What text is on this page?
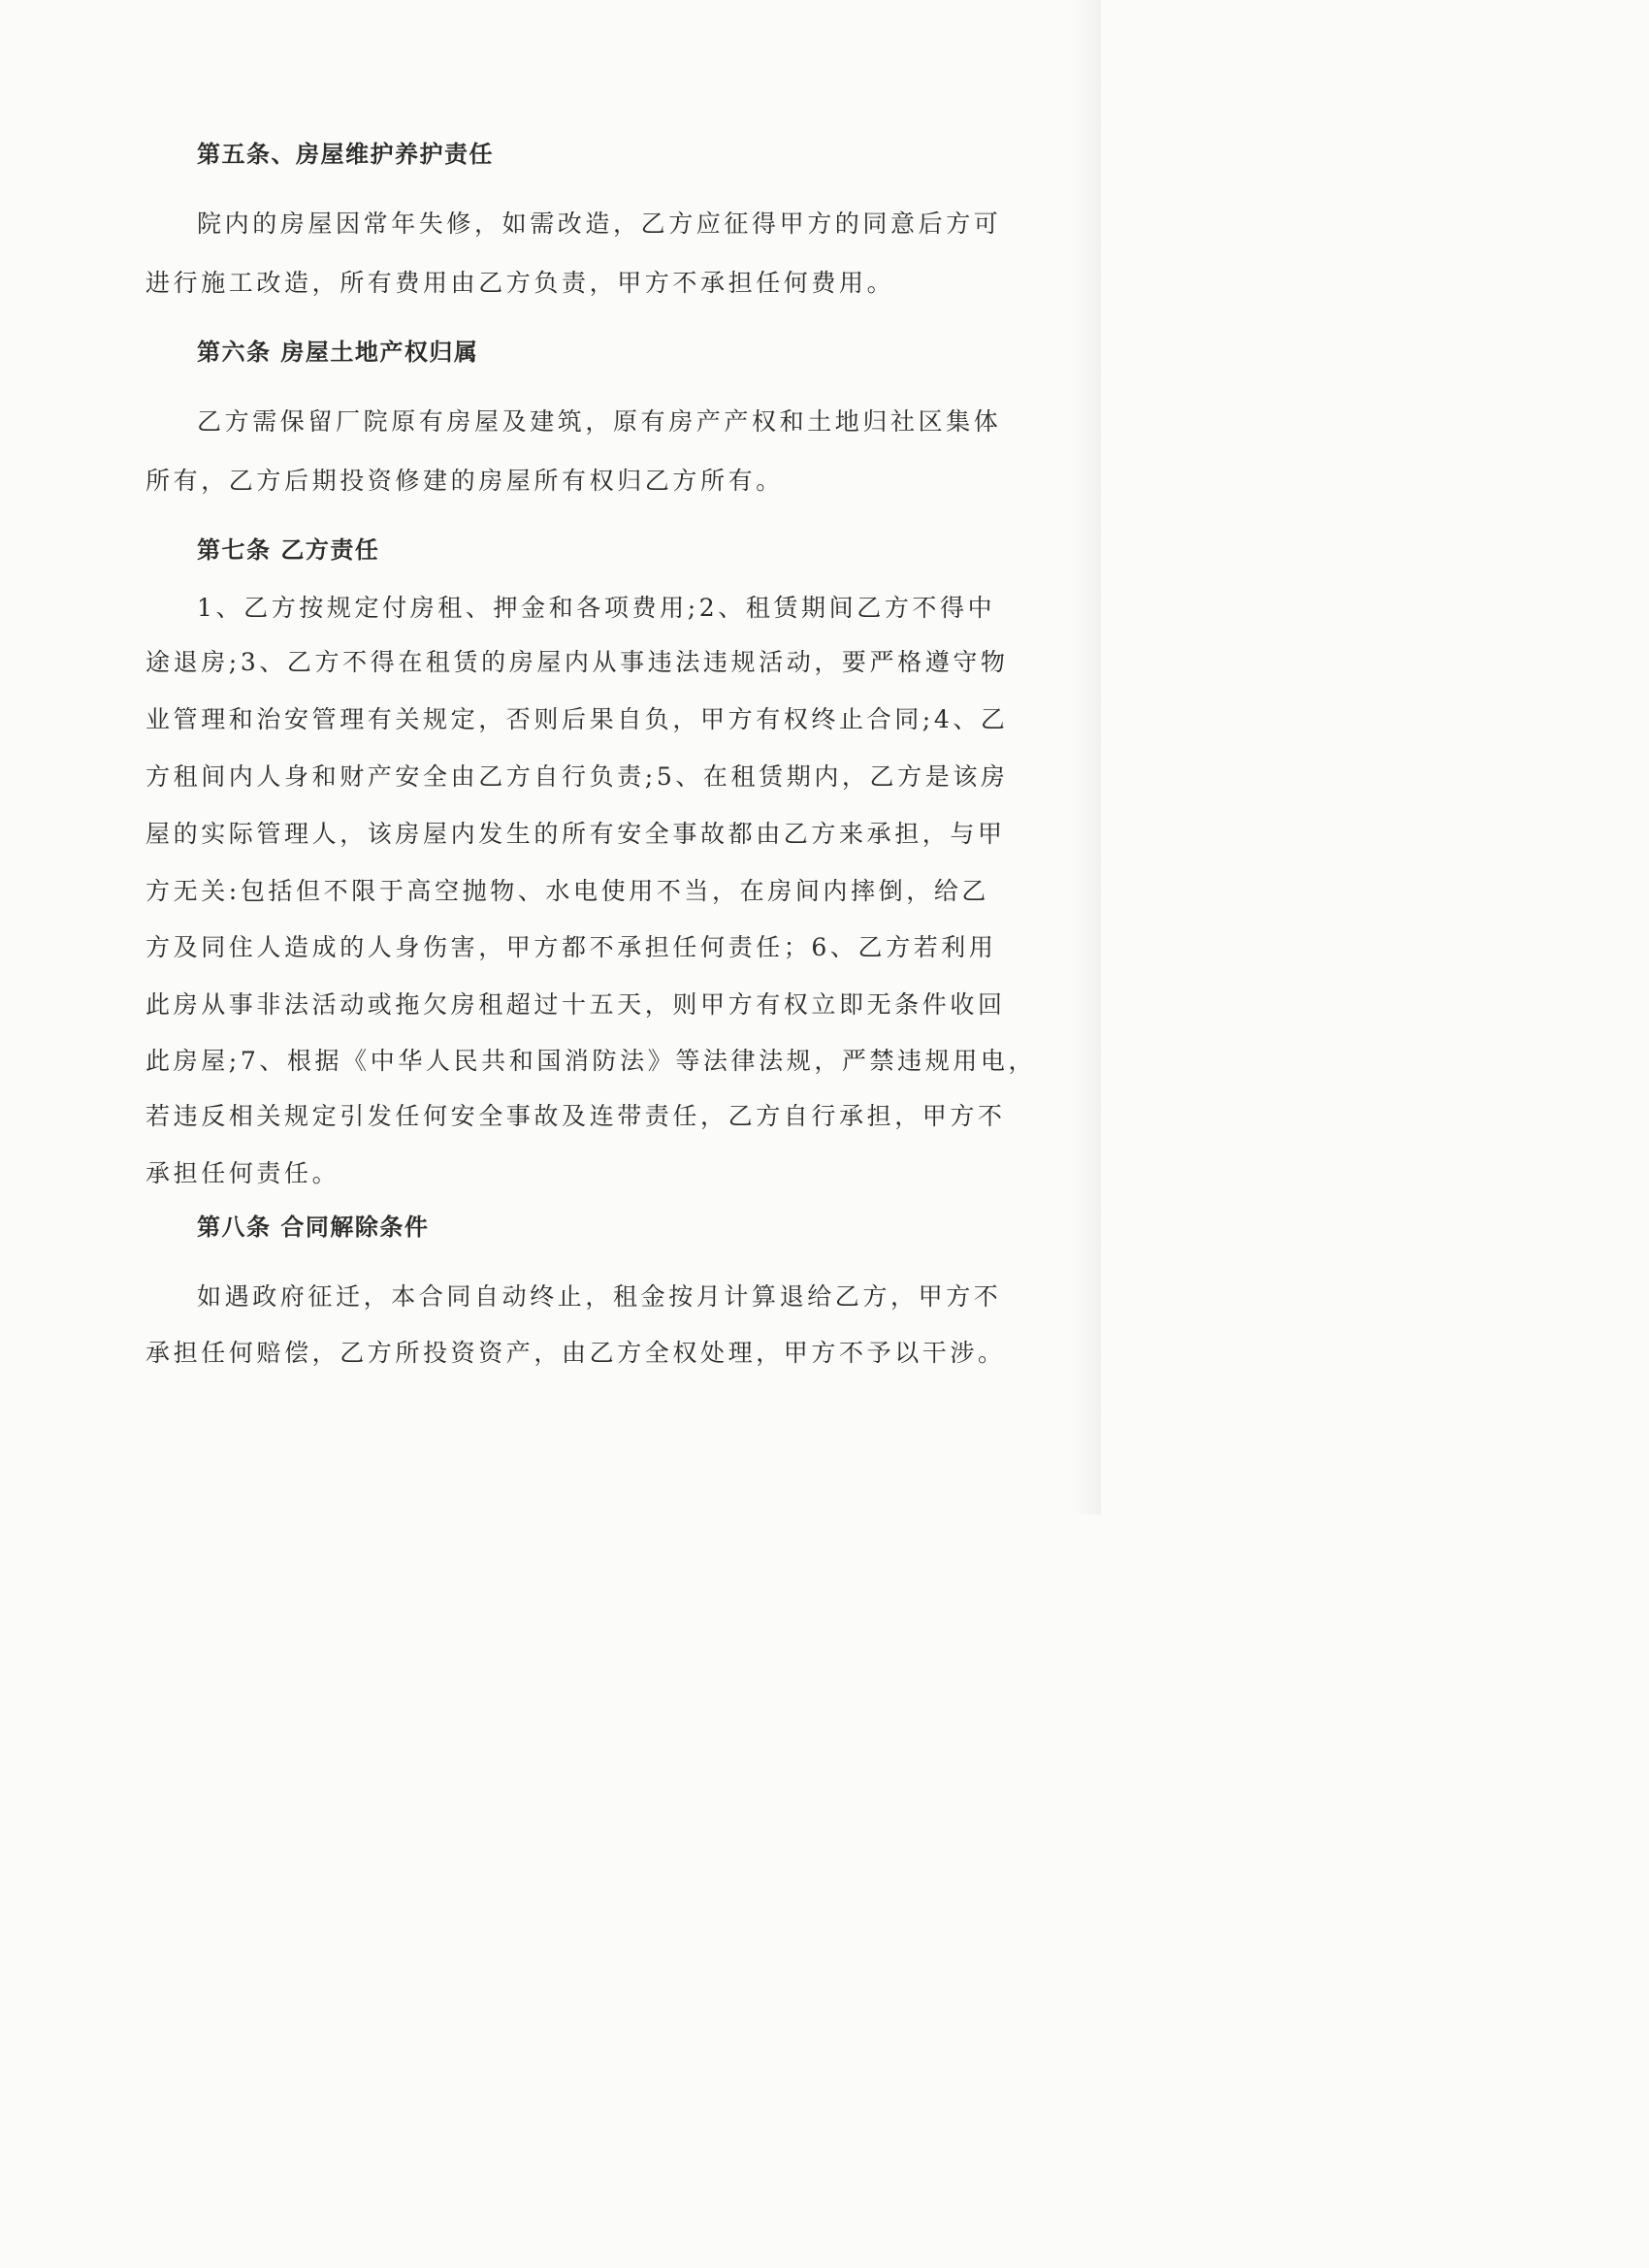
第五条、房屋维护养护责任
院内的房屋因常年失修，如需改造，乙方应征得甲方的同意后方可
进行施工改造，所有费用由乙方负责，甲方不承担任何费用。
第六条 房屋土地产权归属
乙方需保留厂院原有房屋及建筑，原有房产产权和土地归社区集体
所有，乙方后期投资修建的房屋所有权归乙方所有。
第七条 乙方责任
1、乙方按规定付房租、押金和各项费用;2、租赁期间乙方不得中
途退房;3、乙方不得在租赁的房屋内从事违法违规活动，要严格遵守物
业管理和治安管理有关规定，否则后果自负，甲方有权终止合同;4、乙
方租间内人身和财产安全由乙方自行负责;5、在租赁期内，乙方是该房
屋的实际管理人，该房屋内发生的所有安全事故都由乙方来承担，与甲
方无关:包括但不限于高空抛物、水电使用不当，在房间内摔倒，给乙
方及同住人造成的人身伤害，甲方都不承担任何责任；6、乙方若利用
此房从事非法活动或拖欠房租超过十五天，则甲方有权立即无条件收回
此房屋;7、根据《中华人民共和国消防法》等法律法规，严禁违规用电，
若违反相关规定引发任何安全事故及连带责任，乙方自行承担，甲方不
承担任何责任。
第八条 合同解除条件
如遇政府征迁，本合同自动终止，租金按月计算退给乙方，甲方不
承担任何赔偿，乙方所投资资产，由乙方全权处理，甲方不予以干涉。
